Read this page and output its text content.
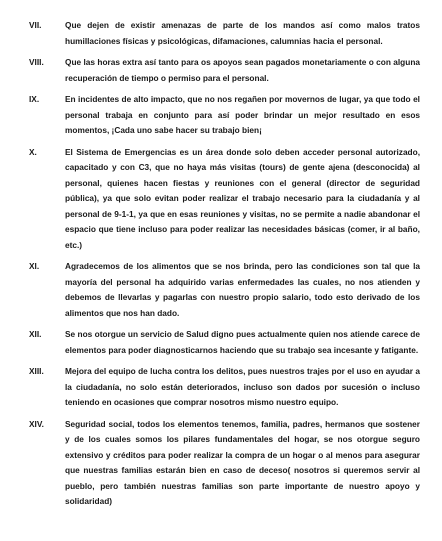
VII.	Que dejen de existir amenazas de parte de los mandos así como malos tratos humillaciones físicas y psicológicas, difamaciones, calumnias hacia el personal.
VIII.	Que las horas extra así tanto para os apoyos sean pagados monetariamente o con alguna recuperación de tiempo o permiso para el personal.
IX.	En incidentes de alto impacto, que no nos regañen por movernos de lugar, ya que todo el personal trabaja en conjunto para así poder brindar un mejor resultado en esos momentos, ¡Cada uno sabe hacer su trabajo bien¡
X.	El Sistema de Emergencias es un área donde solo deben acceder personal autorizado, capacitado y con C3, que no haya más visitas (tours) de gente ajena (desconocida) al personal, quienes hacen fiestas y reuniones con el general (director de seguridad pública), ya que solo evitan poder realizar el trabajo necesario para la ciudadanía y al personal de 9-1-1, ya que en esas reuniones y visitas, no se permite a nadie abandonar el espacio que tiene incluso para poder realizar las necesidades básicas (comer, ir al baño, etc.)
XI.	Agradecemos de los alimentos que se nos brinda, pero las condiciones son tal que la mayoría del personal ha adquirido varias enfermedades las cuales, no nos atienden y debemos de llevarlas y pagarlas con nuestro propio salario, todo esto derivado de los alimentos que nos han dado.
XII.	Se nos otorgue un servicio de Salud digno pues actualmente quien nos atiende carece de elementos para poder diagnosticarnos haciendo que su trabajo sea incesante y fatigante.
XIII.	Mejora del equipo de lucha contra los delitos, pues nuestros trajes por el uso en ayudar a la ciudadanía, no solo están deteriorados, incluso son dados por sucesión o incluso teniendo en ocasiones que comprar nosotros mismo nuestro equipo.
XIV.	Seguridad social, todos los elementos tenemos, familia, padres, hermanos que sostener y de los cuales somos los pilares fundamentales del hogar, se nos otorgue seguro extensivo y créditos para poder realizar la compra de un hogar o al menos para asegurar que nuestras familias estarán bien en caso de deceso( nosotros si queremos servir al pueblo, pero también nuestras familias son parte importante de nuestro apoyo y solidaridad)
